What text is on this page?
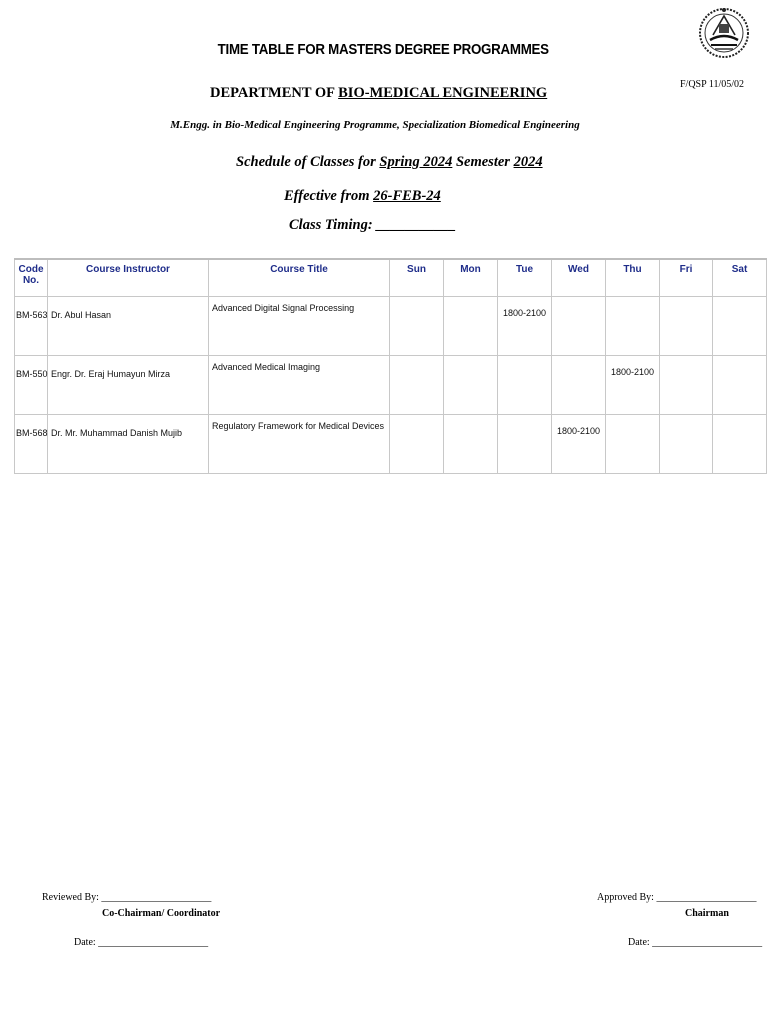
TIME TABLE FOR MASTERS DEGREE PROGRAMMES
F/QSP 11/05/02
DEPARTMENT OF BIO-MEDICAL ENGINEERING
M.Engg. in Bio-Medical Engineering Programme, Specialization Biomedical Engineering
Schedule of Classes for Spring 2024 Semester 2024
Effective from 26-FEB-24
Class Timing: ___________
Code No.	Course Instructor	Course Title	Sun	Mon	Tue	Wed	Thu	Fri	Sat
BM-563	Dr. Abul Hasan	Advanced Digital Signal Processing			1800-2100				
BM-550	Engr. Dr. Eraj Humayun Mirza	Advanced Medical Imaging					1800-2100		
BM-568	Dr. Mr. Muhammad Danish Mujib	Regulatory Framework for Medical Devices				1800-2100			
Reviewed By: ______________________
Co-Chairman/ Coordinator
Date: ______________________
Approved By: ____________________
Chairman
Date: ______________________
